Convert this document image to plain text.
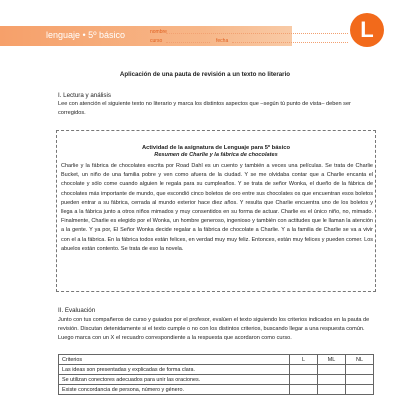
lenguaje • 5º básico	nombre
curso	fecha	L
Aplicación de una pauta de revisión a un texto no literario
I. Lectura y análisis
Lee con atención el siguiente texto no literario y marca los distintos aspectos que –según tú punto de vista– deben ser corregidos.
Actividad de la asignatura de Lenguaje para 5º básico
Resumen de Charlie y la fábrica de chocolates
Charlie y la fábrica de chocolates escrita por Road Dahl es un cuento y también a veces una películas. Se trata de Charlie Bucket, un niño de una familia pobre y ven como afuera de la ciudad. Y se me olvidaba contar que a Charlie encanta el chocolate y sólo come cuando alguien le regala para su cumpleaños. Y se trata de señor Wonka, el dueño de la fábrica de chocolates más importante de mundo, que escondió cinco boletos de oro entre sus chocolates os que encuentran esos boletos pueden entrar a su fábrica, cerrada al mundo exterior hace diez años. Y resulta que Charlie encuentra uno de los boletos y llega a la fábrica junto a otros niños mimados y muy consentidos en su forma de actuar. Charlie es el único niño, no, mimado. Finalmente, Charlie es elegido por el Wonka, un hombre generoso, ingenioso y también con actitudes que le llaman la atención a la gente. Y ya por, El Señor Wonka decide regalar a la fábrica de chocolate a Charlie. Y a la familia de Charlie se va a vivir con el a la fábrica. En la fábrica todos están felices, en verdad muy muy feliz. Entonces, están muy felices y pueden comer. Los abuelos están contento. Se trata de eso la novela.
II. Evaluación
Junto con tus compañeros de curso y guiados por el profesor, evalúen el texto siguiendo los criterios indicados en la pauta de revisión. Discutan detenidamente si el texto cumple o no con los distintos criterios, buscando llegar a una respuesta común. Luego marca con un X el recuadro correspondiente a la respuesta que acordaron como curso.
Criterios	L	ML	NL
Las ideas son presentadas y explicadas de forma clara.			
Se utilizan conectores adecuados para unir las oraciones.			
Existe concordancia de persona, número y género.			
